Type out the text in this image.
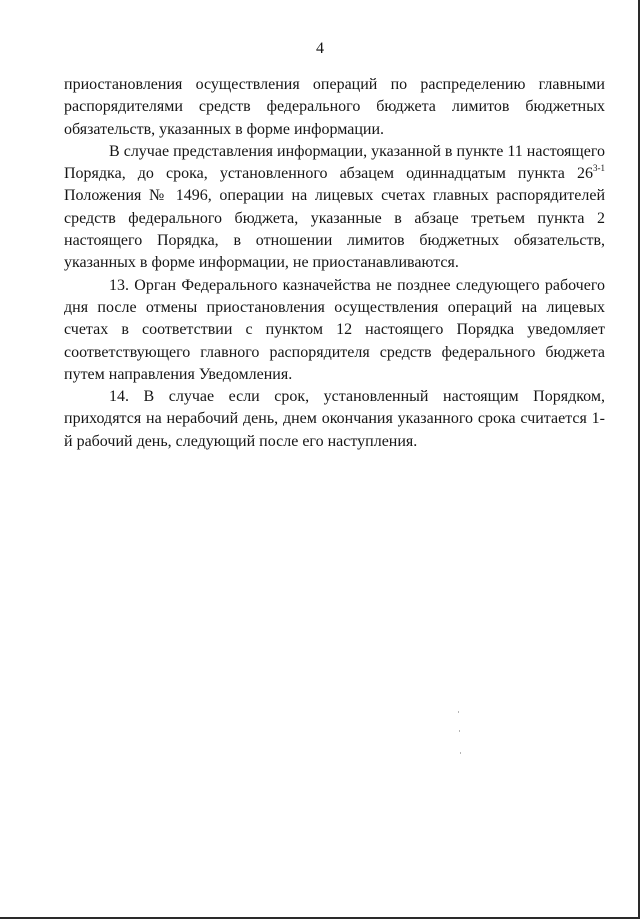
4

приостановления осуществления операций по распределению главными распорядителями средств федерального бюджета лимитов бюджетных обязательств, указанных в форме информации.

В случае представления информации, указанной в пункте 11 настоящего Порядка, до срока, установленного абзацем одиннадцатым пункта 26$^{3-1}$ Положения № 1496, операции на лицевых счетах главных распорядителей средств федерального бюджета, указанные в абзаце третьем пункта 2 настоящего Порядка, в отношении лимитов бюджетных обязательств, указанных в форме информации, не приостанавливаются.

13. Орган Федерального казначейства не позднее следующего рабочего дня после отмены приостановления осуществления операций на лицевых счетах в соответствии с пунктом 12 настоящего Порядка уведомляет соответствующего главного распорядителя средств федерального бюджета путем направления Уведомления.

14. В случае если срок, установленный настоящим Порядком, приходятся на нерабочий день, днем окончания указанного срока считается 1-й рабочий день, следующий после его наступления.
